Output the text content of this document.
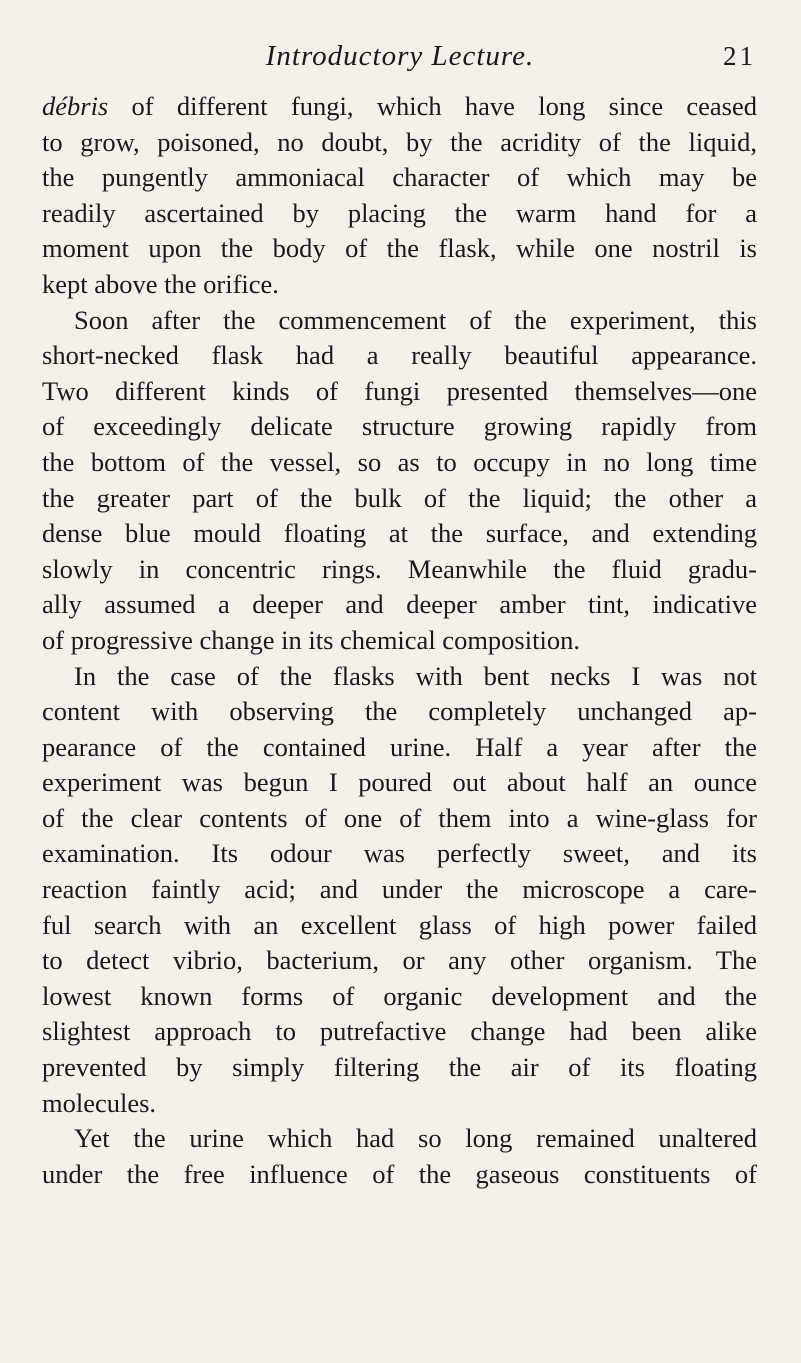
Introductory Lecture.	21
débris of different fungi, which have long since ceased
to grow, poisoned, no doubt, by the acridity of the liquid,
the pungently ammoniacal character of which may be
readily ascertained by placing the warm hand for a
moment upon the body of the flask, while one nostril is
kept above the orifice.
Soon after the commencement of the experiment, this
short-necked flask had a really beautiful appearance.
Two different kinds of fungi presented themselves—one
of exceedingly delicate structure growing rapidly from
the bottom of the vessel, so as to occupy in no long time
the greater part of the bulk of the liquid; the other a
dense blue mould floating at the surface, and extending
slowly in concentric rings. Meanwhile the fluid gradu-
ally assumed a deeper and deeper amber tint, indicative
of progressive change in its chemical composition.
In the case of the flasks with bent necks I was not
content with observing the completely unchanged ap-
pearance of the contained urine. Half a year after the
experiment was begun I poured out about half an ounce
of the clear contents of one of them into a wine-glass for
examination. Its odour was perfectly sweet, and its
reaction faintly acid; and under the microscope a care-
ful search with an excellent glass of high power failed
to detect vibrio, bacterium, or any other organism. The
lowest known forms of organic development and the
slightest approach to putrefactive change had been alike
prevented by simply filtering the air of its floating
molecules.
Yet the urine which had so long remained unaltered
under the free influence of the gaseous constituents of
